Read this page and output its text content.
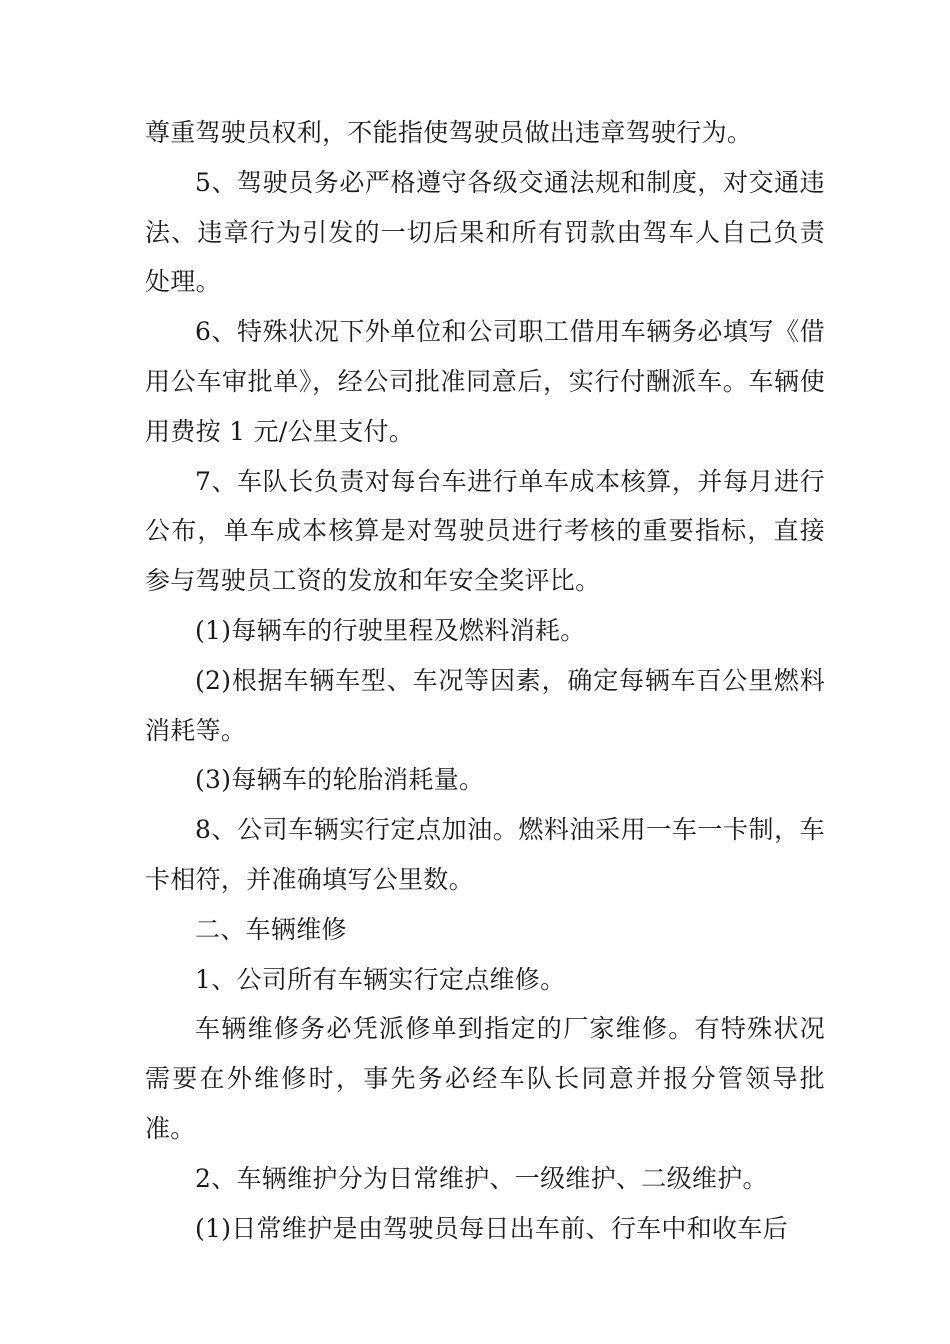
尊重驾驶员权利，不能指使驾驶员做出违章驾驶行为。

5、驾驶员务必严格遵守各级交通法规和制度，对交通违法、违章行为引发的一切后果和所有罚款由驾车人自己负责处理。

6、特殊状况下外单位和公司职工借用车辆务必填写《借用公车审批单》，经公司批准同意后，实行付酬派车。车辆使用费按 1 元/公里支付。

7、车队长负责对每台车进行单车成本核算，并每月进行公布，单车成本核算是对驾驶员进行考核的重要指标，直接参与驾驶员工资的发放和年安全奖评比。

(1)每辆车的行驶里程及燃料消耗。

(2)根据车辆车型、车况等因素，确定每辆车百公里燃料消耗等。

(3)每辆车的轮胎消耗量。

8、公司车辆实行定点加油。燃料油采用一车一卡制，车卡相符，并准确填写公里数。

二、车辆维修

1、公司所有车辆实行定点维修。

车辆维修务必凭派修单到指定的厂家维修。有特殊状况需要在外维修时，事先务必经车队长同意并报分管领导批准。

2、车辆维护分为日常维护、一级维护、二级维护。

(1)日常维护是由驾驶员每日出车前、行车中和收车后
